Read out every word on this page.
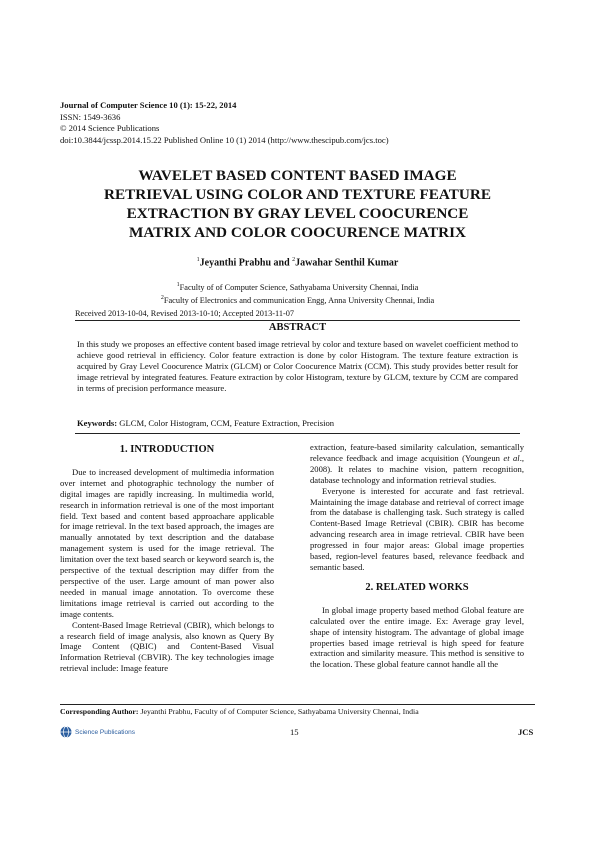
Journal of Computer Science 10 (1): 15-22, 2014
ISSN: 1549-3636
© 2014 Science Publications
doi:10.3844/jcssp.2014.15.22 Published Online 10 (1) 2014 (http://www.thescipub.com/jcs.toc)
WAVELET BASED CONTENT BASED IMAGE
RETRIEVAL USING COLOR AND TEXTURE FEATURE
EXTRACTION BY GRAY LEVEL COOCURENCE
MATRIX AND COLOR COOCURENCE MATRIX
$^1$Jeyanthi Prabhu and $^2$Jawahar Senthil Kumar
$^1$Faculty of of Computer Science, Sathyabama University Chennai, India
$^2$Faculty of Electronics and communication Engg, Anna University Chennai, India
Received 2013-10-04, Revised 2013-10-10; Accepted 2013-11-07
ABSTRACT
In this study we proposes an effective content based image retrieval by color and texture based on wavelet coefficient method to achieve good retrieval in efficiency. Color feature extraction is done by color Histogram. The texture feature extraction is acquired by Gray Level Coocurence Matrix (GLCM) or Color Coocurence Matrix (CCM). This study provides better result for image retrieval by integrated features. Feature extraction by color Histogram, texture by GLCM, texture by CCM are compared in terms of precision performance measure.
Keywords: GLCM, Color Histogram, CCM, Feature Extraction, Precision
1. INTRODUCTION

Due to increased development of multimedia information over internet and photographic technology the number of digital images are rapidly increasing. In multimedia world, research in information retrieval is one of the most important field. Text based and content based approachare applicable for image retrieval. In the text based approach, the images are manually annotated by text description and the database management system is used for the image retrieval. The limitation over the text based search or keyword search is, the perspective of the textual description may differ from the perspective of the user. Large amount of man power also needed in manual image annotation. To overcome these limitations image retrieval is carried out according to the image contents.

Content-Based Image Retrieval (CBIR), which belongs to a research field of image analysis, also known as Query By Image Content (QBIC) and Content-Based Visual Information Retrieval (CBVIR). The key technologies image retrieval include: Image feature

extraction, feature-based similarity calculation, semantically relevance feedback and image acquisition (Youngeun et al., 2008). It relates to machine vision, pattern recognition, database technology and information retrieval studies.

Everyone is interested for accurate and fast retrieval. Maintaining the image database and retrieval of correct image from the database is challenging task. Such strategy is called Content-Based Image Retrieval (CBIR). CBIR has become advancing research area in image retrieval. CBIR have been progressed in four major areas: Global image properties based, region-level features based, relevance feedback and semantic based.

2. RELATED WORKS

In global image property based method Global feature are calculated over the entire image. Ex: Average gray level, shape of intensity histogram. The advantage of global image properties based image retrieval is high speed for feature extraction and similarity measure. This method is sensitive to the location. These global feature cannot handle all the

Corresponding Author: Jeyanthi Prabhu, Faculty of of Computer Science, Sathyabama University Chennai, India
Science Publications	15	JCS
